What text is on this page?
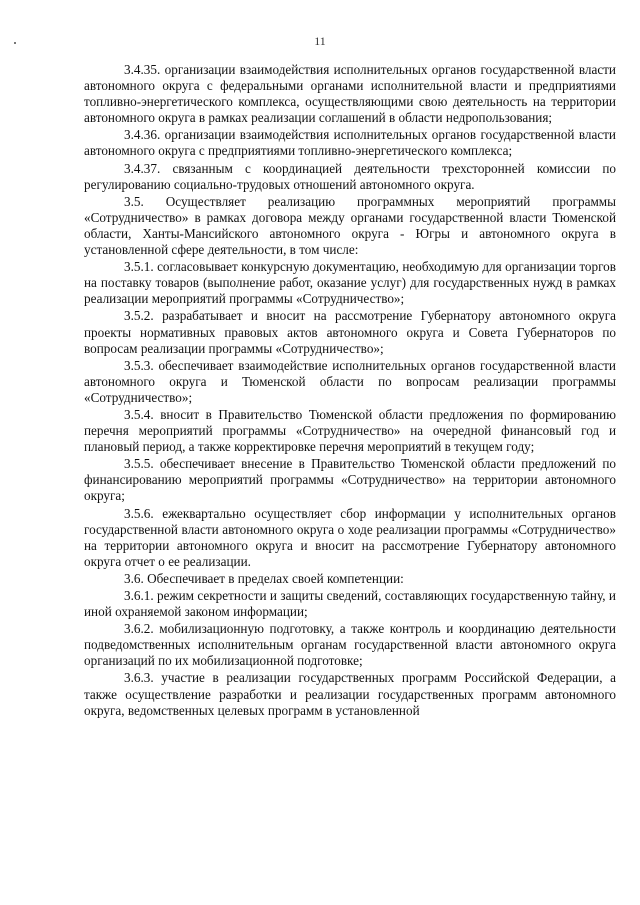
11

3.4.35. организации взаимодействия исполнительных органов государственной власти автономного округа с федеральными органами исполнительной власти и предприятиями топливно-энергетического комплекса, осуществляющими свою деятельность на территории автономного округа в рамках реализации соглашений в области недропользования;

3.4.36. организации взаимодействия исполнительных органов государственной власти автономного округа с предприятиями топливно-энергетического комплекса;

3.4.37. связанным с координацией деятельности трехсторонней комиссии по регулированию социально-трудовых отношений автономного округа.

3.5. Осуществляет реализацию программных мероприятий программы «Сотрудничество» в рамках договора между органами государственной власти Тюменской области, Ханты-Мансийского автономного округа - Югры и автономного округа в установленной сфере деятельности, в том числе:

3.5.1. согласовывает конкурсную документацию, необходимую для организации торгов на поставку товаров (выполнение работ, оказание услуг) для государственных нужд в рамках реализации мероприятий программы «Сотрудничество»;

3.5.2. разрабатывает и вносит на рассмотрение Губернатору автономного округа проекты нормативных правовых актов автономного округа и Совета Губернаторов по вопросам реализации программы «Сотрудничество»;

3.5.3. обеспечивает взаимодействие исполнительных органов государственной власти автономного округа и Тюменской области по вопросам реализации программы «Сотрудничество»;

3.5.4. вносит в Правительство Тюменской области предложения по формированию перечня мероприятий программы «Сотрудничество» на очередной финансовый год и плановый период, а также корректировке перечня мероприятий в текущем году;

3.5.5. обеспечивает внесение в Правительство Тюменской области предложений по финансированию мероприятий программы «Сотрудничество» на территории автономного округа;

3.5.6. ежеквартально осуществляет сбор информации у исполнительных органов государственной власти автономного округа о ходе реализации программы «Сотрудничество» на территории автономного округа и вносит на рассмотрение Губернатору автономного округа отчет о ее реализации.

3.6. Обеспечивает в пределах своей компетенции:

3.6.1. режим секретности и защиты сведений, составляющих государственную тайну, и иной охраняемой законом информации;

3.6.2. мобилизационную подготовку, а также контроль и координацию деятельности подведомственных исполнительным органам государственной власти автономного округа организаций по их мобилизационной подготовке;

3.6.3. участие в реализации государственных программ Российской Федерации, а также осуществление разработки и реализации государственных программ автономного округа, ведомственных целевых программ в установленной
